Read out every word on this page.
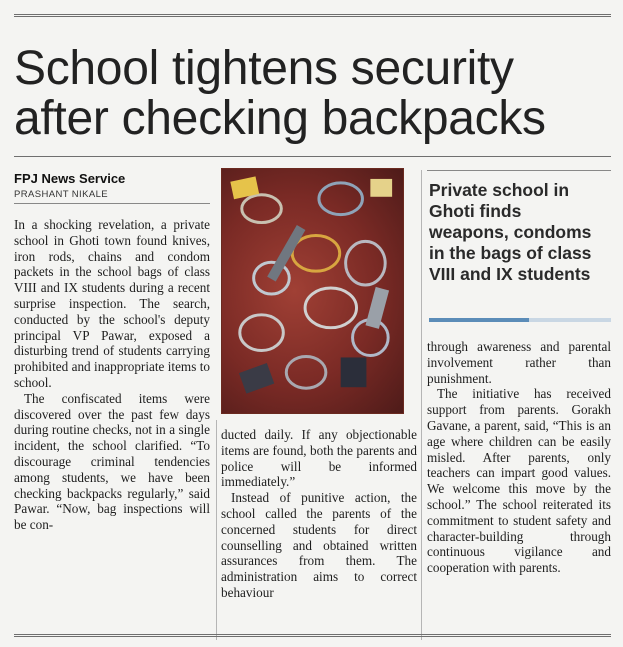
School tightens security
after checking backpacks
FPJ News Service
PRASHANT NIKALE

In a shocking revelation, a private school in Ghoti town found knives, iron rods, chains and condom packets in the school bags of class VIII and IX students during a recent surprise inspection. The search, conducted by the school's deputy principal VP Pawar, exposed a disturbing trend of students carrying prohibited and inappropriate items to school.

The confiscated items were discovered over the past few days during routine checks, not in a single incident, the school clarified. “To discourage criminal tendencies among students, we have been checking backpacks regularly,” said Pawar. “Now, bag inspections will be con-

ducted daily. If any objectionable items are found, both the parents and police will be informed immediately.”

Instead of punitive action, the school called the parents of the concerned students for direct counselling and obtained written assurances from them. The administration aims to correct behaviour

Private school in Ghoti finds weapons, condoms in the bags of class VIII and IX students

through awareness and parental involvement rather than punishment.

The initiative has received support from parents. Gorakh Gavane, a parent, said, “This is an age where children can be easily misled. After parents, only teachers can impart good values. We welcome this move by the school.” The school reiterated its commitment to student safety and character-building through continuous vigilance and cooperation with parents.
